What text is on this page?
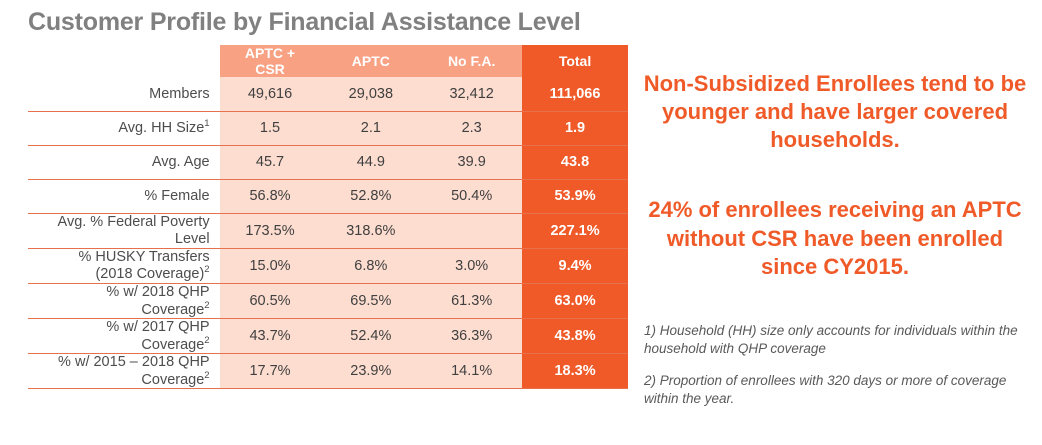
Customer Profile by Financial Assistance Level
	APTC + CSR	APTC	No F.A.	Total
Members	49,616	29,038	32,412	111,066
Avg. HH Size$^1$	1.5	2.1	2.3	1.9
Avg. Age	45.7	44.9	39.9	43.8
% Female	56.8%	52.8%	50.4%	53.9%
Avg. % Federal Poverty Level	173.5%	318.6%		227.1%
% HUSKY Transfers (2018 Coverage)$^2$	15.0%	6.8%	3.0%	9.4%
% w/ 2018 QHP Coverage$^2$	60.5%	69.5%	61.3%	63.0%
% w/ 2017 QHP Coverage$^2$	43.7%	52.4%	36.3%	43.8%
% w/ 2015 – 2018 QHP Coverage$^2$	17.7%	23.9%	14.1%	18.3%
Non-Subsidized Enrollees tend to be younger and have larger covered households.
24% of enrollees receiving an APTC without CSR have been enrolled since CY2015.

1) Household (HH) size only accounts for individuals within the household with QHP coverage

2) Proportion of enrollees with 320 days or more of coverage within the year.
